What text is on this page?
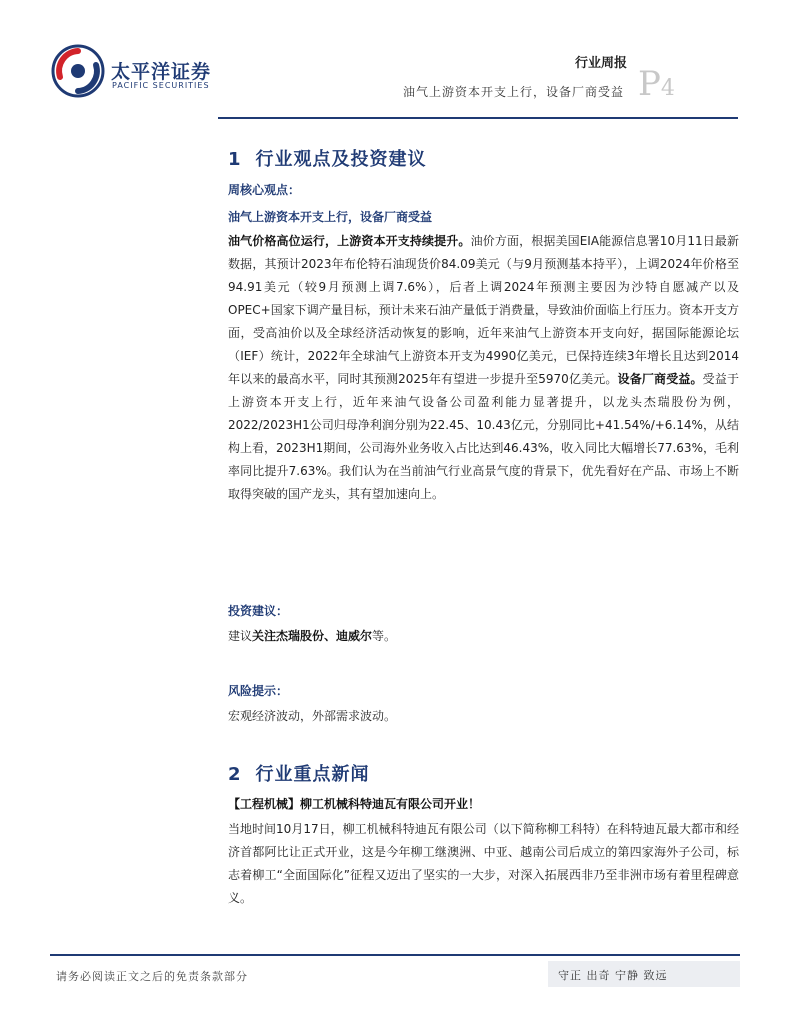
太平洋证券
PACIFIC SECURITIES
行业周报
油气上游资本开支上行，设备厂商受益 P4
1 行业观点及投资建议
周核心观点：
油气上游资本开支上行，设备厂商受益
油气价格高位运行，上游资本开支持续提升。油价方面，根据美国EIA能源信息署10月11日最新数据，其预计2023年布伦特石油现货价84.09美元（与9月预测基本持平），上调2024年价格至94.91美元（较9月预测上调7.6%），后者上调2024年预测主要因为沙特自愿减产以及OPEC+国家下调产量目标，预计未来石油产量低于消费量，导致油价面临上行压力。资本开支方面，受高油价以及全球经济活动恢复的影响，近年来油气上游资本开支向好，据国际能源论坛（IEF）统计，2022年全球油气上游资本开支为4990亿美元，已保持连续3年增长且达到2014年以来的最高水平，同时其预测2025年有望进一步提升至5970亿美元。设备厂商受益。受益于上游资本开支上行，近年来油气设备公司盈利能力显著提升，以龙头杰瑞股份为例，2022/2023H1公司归母净利润分别为22.45、10.43亿元，分别同比+41.54%/+6.14%，从结构上看，2023H1期间，公司海外业务收入占比达到46.43%，收入同比大幅增长77.63%，毛利率同比提升7.63%。我们认为在当前油气行业高景气度的背景下，优先看好在产品、市场上不断取得突破的国产龙头，其有望加速向上。
投资建议：
建议关注杰瑞股份、迪威尔等。
风险提示：
宏观经济波动，外部需求波动。
2 行业重点新闻
【工程机械】柳工机械科特迪瓦有限公司开业！
当地时间10月17日，柳工机械科特迪瓦有限公司（以下简称柳工科特）在科特迪瓦最大都市和经济首都阿比让正式开业，这是今年柳工继澳洲、中亚、越南公司后成立的第四家海外子公司，标志着柳工“全面国际化”征程又迈出了坚实的一大步，对深入拓展西非乃至非洲市场有着里程碑意义。
请务必阅读正文之后的免责条款部分	守正 出奇 宁静 致远
